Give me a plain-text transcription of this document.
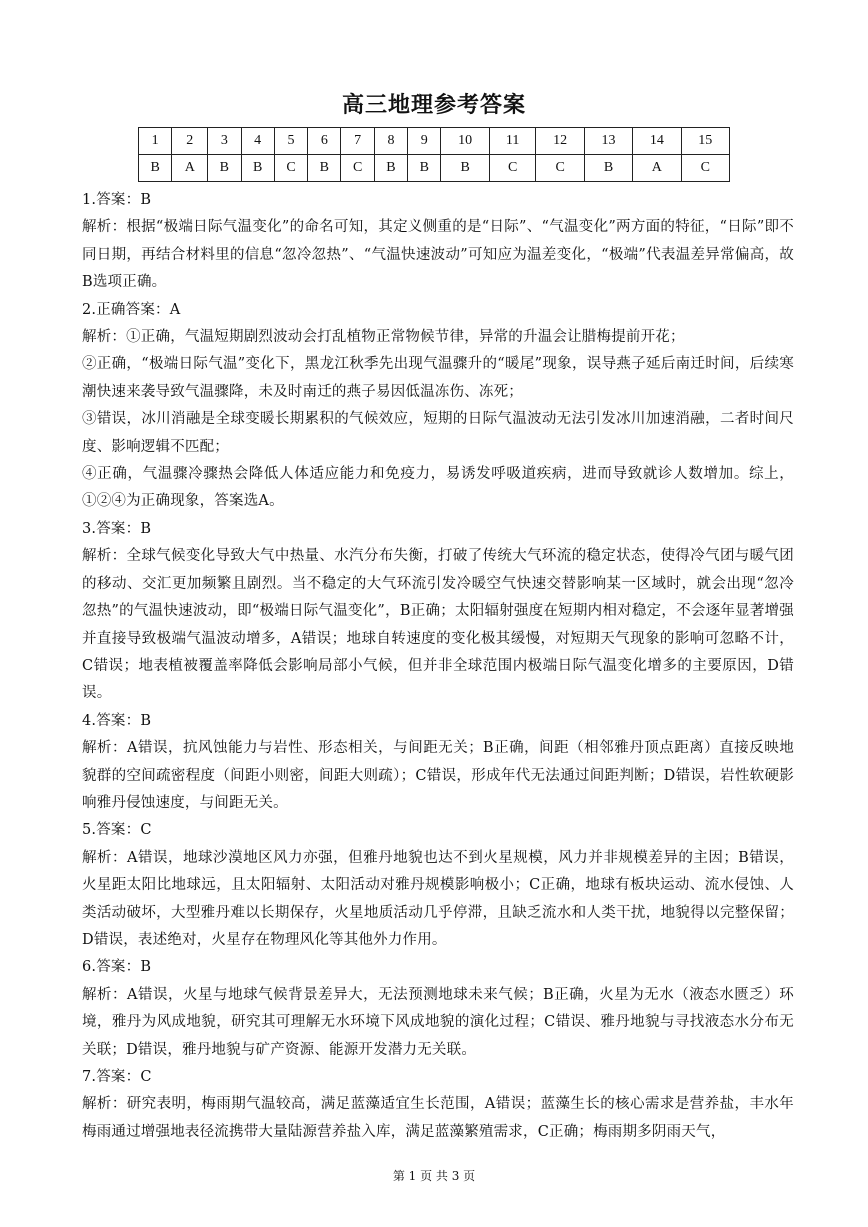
高三地理参考答案
1	2	3	4	5	6	7	8	9	10	11	12	13	14	15
B	A	B	B	C	B	C	B	B	B	C	C	B	A	C

1.答案：B

解析：根据“极端日际气温变化”的命名可知，其定义侧重的是“日际”、“气温变化”两方面的特征，“日际”即不同日期，再结合材料里的信息“忽冷忽热”、“气温快速波动”可知应为温差变化，“极端”代表温差异常偏高，故B选项正确。

2.正确答案：A

解析：①正确，气温短期剧烈波动会打乱植物正常物候节律，异常的升温会让腊梅提前开花；

②正确，“极端日际气温”变化下，黑龙江秋季先出现气温骤升的“暖尾”现象，误导燕子延后南迁时间，后续寒潮快速来袭导致气温骤降，未及时南迁的燕子易因低温冻伤、冻死；

③错误，冰川消融是全球变暖长期累积的气候效应，短期的日际气温波动无法引发冰川加速消融，二者时间尺度、影响逻辑不匹配；

④正确，气温骤冷骤热会降低人体适应能力和免疫力，易诱发呼吸道疾病，进而导致就诊人数增加。综上，①②④为正确现象，答案选A。

3.答案：B

解析：全球气候变化导致大气中热量、水汽分布失衡，打破了传统大气环流的稳定状态，使得冷气团与暖气团的移动、交汇更加频繁且剧烈。当不稳定的大气环流引发冷暖空气快速交替影响某一区域时，就会出现“忽冷忽热”的气温快速波动，即“极端日际气温变化”，B正确；太阳辐射强度在短期内相对稳定，不会逐年显著增强并直接导致极端气温波动增多，A错误；地球自转速度的变化极其缓慢，对短期天气现象的影响可忽略不计，C错误；地表植被覆盖率降低会影响局部小气候，但并非全球范围内极端日际气温变化增多的主要原因，D错误。

4.答案：B

解析：A错误，抗风蚀能力与岩性、形态相关，与间距无关；B正确，间距（相邻雅丹顶点距离）直接反映地貌群的空间疏密程度（间距小则密，间距大则疏）；C错误，形成年代无法通过间距判断；D错误，岩性软硬影响雅丹侵蚀速度，与间距无关。

5.答案：C

解析：A错误，地球沙漠地区风力亦强，但雅丹地貌也达不到火星规模，风力并非规模差异的主因；B错误，火星距太阳比地球远，且太阳辐射、太阳活动对雅丹规模影响极小；C正确，地球有板块运动、流水侵蚀、人类活动破坏，大型雅丹难以长期保存，火星地质活动几乎停滞，且缺乏流水和人类干扰，地貌得以完整保留；D错误，表述绝对，火星存在物理风化等其他外力作用。

6.答案：B

解析：A错误，火星与地球气候背景差异大，无法预测地球未来气候；B正确，火星为无水（液态水匮乏）环境，雅丹为风成地貌，研究其可理解无水环境下风成地貌的演化过程；C错误、雅丹地貌与寻找液态水分布无关联；D错误，雅丹地貌与矿产资源、能源开发潜力无关联。

7.答案：C

解析：研究表明，梅雨期气温较高，满足蓝藻适宜生长范围，A错误；蓝藻生长的核心需求是营养盐，丰水年梅雨通过增强地表径流携带大量陆源营养盐入库，满足蓝藻繁殖需求，C正确；梅雨期多阴雨天气，

第 1 页 共 3 页
